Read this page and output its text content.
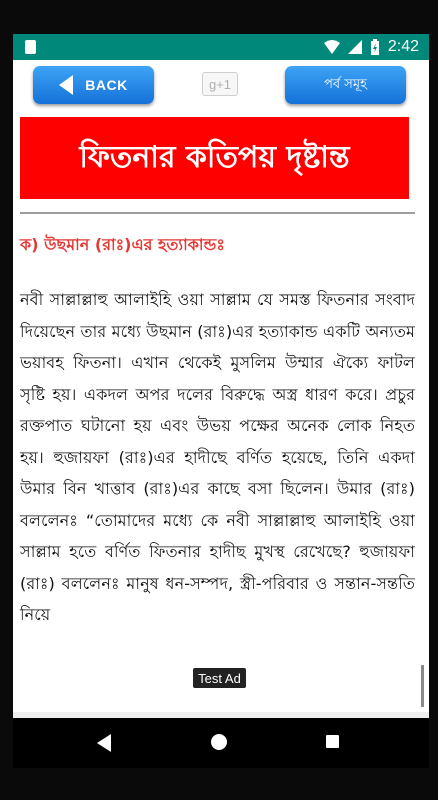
2:42
BACK	g+1	পর্ব সমূহ
ফিতনার কতিপয় দৃষ্টান্ত
ক) উছমান (রাঃ)এর হত্যাকান্ডঃ
নবী সাল্লাল্লাহু আলাইহি ওয়া সাল্লাম যে সমস্ত ফিতনার সংবাদ দিয়েছেন তার মধ্যে উছমান (রাঃ)এর হত্যাকান্ড একটি অন্যতম ভয়াবহ ফিতনা। এখান থেকেই মুসলিম উম্মার ঐক্যে ফাটল সৃষ্টি হয়। একদল অপর দলের বিরুদ্ধে অস্ত্র ধারণ করে। প্রচুর রক্তপাত ঘটানো হয় এবং উভয় পক্ষের অনেক লোক নিহত হয়। হুজায়ফা (রাঃ)এর হাদীছে বর্ণিত হয়েছে, তিনি একদা উমার বিন খাত্তাব (রাঃ)এর কাছে বসা ছিলেন। উমার (রাঃ) বললেনঃ “তোমাদের মধ্যে কে নবী সাল্লাল্লাহু আলাইহি ওয়া সাল্লাম হতে বর্ণিত ফিতনার হাদীছ মুখস্থ রেখেছে? হুজায়ফা (রাঃ) বললেনঃ মানুষ ধন-সম্পদ, স্ত্রী-পরিবার ও সন্তান-সন্ততি নিয়ে
Test Ad
